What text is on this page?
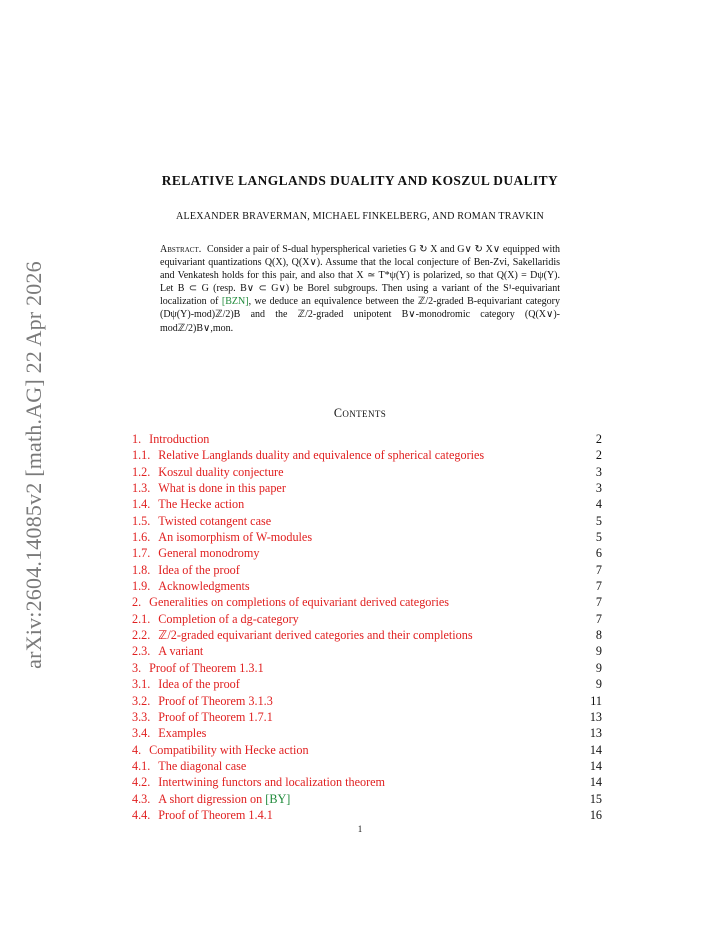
arXiv:2604.14085v2 [math.AG] 22 Apr 2026
RELATIVE LANGLANDS DUALITY AND KOSZUL DUALITY
ALEXANDER BRAVERMAN, MICHAEL FINKELBERG, AND ROMAN TRAVKIN
Abstract. Consider a pair of S-dual hyperspherical varieties G ↻ X and G∨ ↻ X∨ equipped with equivariant quantizations Q(X), Q(X∨). Assume that the local conjecture of Ben-Zvi, Sakellaridis and Venkatesh holds for this pair, and also that X ≃ T*ψ(Y) is polarized, so that Q(X) = Dψ(Y). Let B ⊂ G (resp. B∨ ⊂ G∨) be Borel subgroups. Then using a variant of the S¹-equivariant localization of [BZN], we deduce an equivalence between the ℤ/2-graded B-equivariant category (Dψ(Y)-mod)ℤ/2)B and the ℤ/2-graded unipotent B∨-monodromic category (Q(X∨)-modℤ/2)B∨,mon.
Contents
1. Introduction	2
1.1. Relative Langlands duality and equivalence of spherical categories	2
1.2. Koszul duality conjecture	3
1.3. What is done in this paper	3
1.4. The Hecke action	4
1.5. Twisted cotangent case	5
1.6. An isomorphism of W-modules	5
1.7. General monodromy	6
1.8. Idea of the proof	7
1.9. Acknowledgments	7
2. Generalities on completions of equivariant derived categories	7
2.1. Completion of a dg-category	7
2.2. ℤ/2-graded equivariant derived categories and their completions	8
2.3. A variant	9
3. Proof of Theorem 1.3.1	9
3.1. Idea of the proof	9
3.2. Proof of Theorem 3.1.3	11
3.3. Proof of Theorem 1.7.1	13
3.4. Examples	13
4. Compatibility with Hecke action	14
4.1. The diagonal case	14
4.2. Intertwining functors and localization theorem	14
4.3. A short digression on [BY]	15
4.4. Proof of Theorem 1.4.1	16
1
